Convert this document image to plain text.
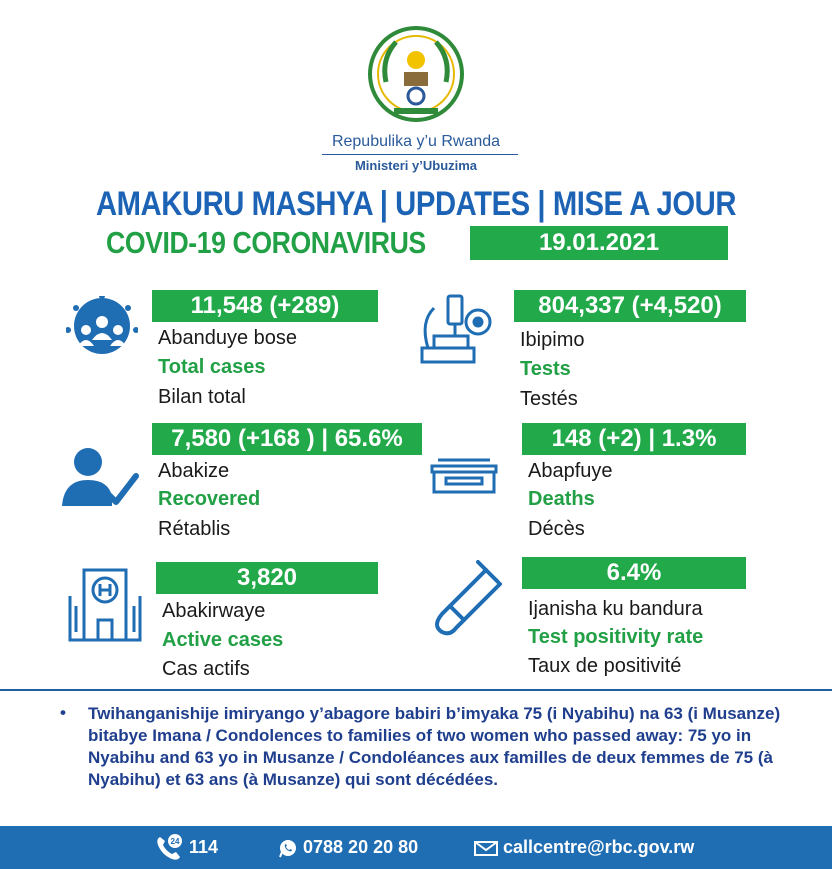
Repubulika y’u Rwanda
Ministeri y’Ubuzima
AMAKURU MASHYA | UPDATES | MISE A JOUR
COVID-19 CORONAVIRUS	19.01.2021
11,548 (+289)
Abanduye bose
Total cases
Bilan total
804,337 (+4,520)
Ibipimo
Tests
Testés
7,580 (+168 ) | 65.6%
Abakize
Recovered
Rétablis
148 (+2) | 1.3%
Abapfuye
Deaths
Décès
3,820
Abakirwaye
Active cases
Cas actifs
6.4%
Ijanisha ku bandura
Test positivity rate
Taux de positivité
• Twihanganishije imiryango y’abagore babiri b’imyaka 75 (i Nyabihu) na 63 (i Musanze) bitabye Imana / Condolences to families of two women who passed away: 75 yo in Nyabihu and 63 yo in Musanze / Condoléances aux familles de deux femmes de 75 (à Nyabihu) et 63 ans (à Musanze) qui sont décédées.
24 114	0788 20 20 80	callcentre@rbc.gov.rw
